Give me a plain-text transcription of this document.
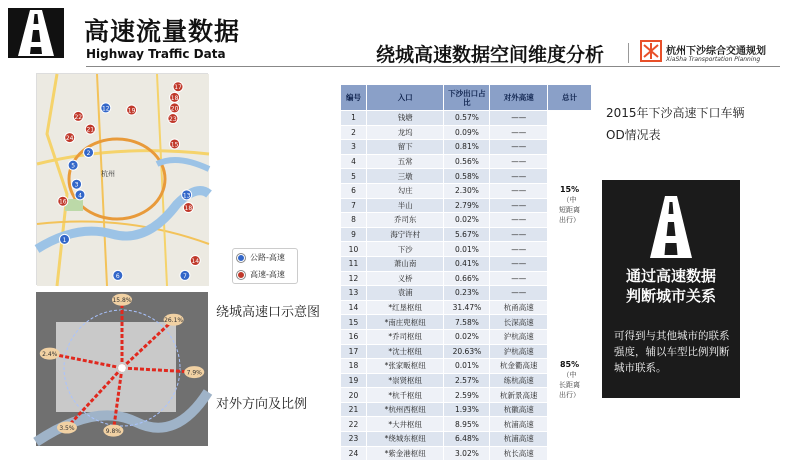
高速流量数据
Highway Traffic Data	绕城高速数据空间维度分析	杭州下沙综合交通规划
XiaSha Transportation Planning
17
18
20
23
19
12
22
21
24
2
15
5
3
4
16
1
13
18
14
7
6
杭州
公路-高速
高速-高速
绕城高速口示意图
15.8%
26.1%
9.8%
3.5%
2.4%
7.9%
对外方向及比例
编号	入口	下沙出口占比	对外高速	总计
1	钱塘	0.57%	——	15%
（中
短距离
出行）

2	龙坞	0.09%	——	
3	留下	0.81%	——	
4	五常	0.56%	——	
5	三墩	0.58%	——	
6	勾庄	2.30%	——	
7	半山	2.79%	——	
8	乔司东	0.02%	——	
9	海宁许村	5.67%	——	
10	下沙	0.01%	——	
11	萧山南	0.41%	——	
12	义桥	0.66%	——	
13	袁浦	0.23%	——	
14	*红垦枢纽	31.47%	杭甬高速	85%
（中
长距离
出行）

15	*南庄兜枢纽	7.58%	长深高速	
16	*乔司枢纽	0.02%	沪杭高速	
17	*沈士枢纽	20.63%	沪杭高速	
18	*张家畈枢纽	0.01%	杭金衢高速	
19	*崇贤枢纽	2.57%	练杭高速	
20	*杭千枢纽	2.59%	杭新景高速	
21	*杭州西枢纽	1.93%	杭徽高速	
22	*大井枢纽	8.95%	杭浦高速	
23	*绕城东枢纽	6.48%	杭浦高速	
24	*紫金港枢纽	3.02%	杭长高速	
2015年下沙高速下口车辆OD情况表
通过高速数据
判断城市关系
可得到与其他城市的联系强度，辅以车型比例判断城市联系。
